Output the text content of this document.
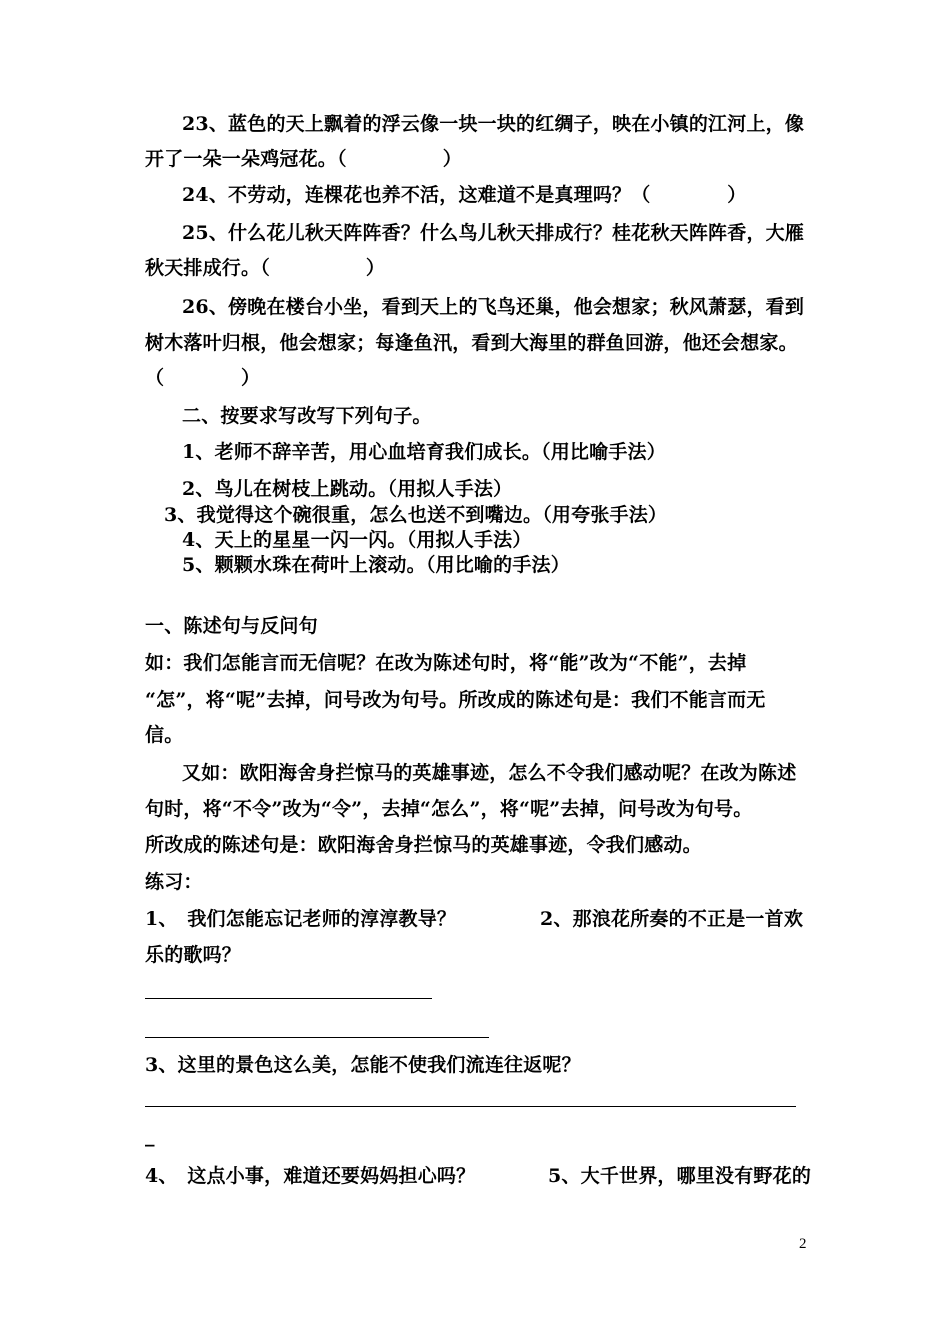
23、蓝色的天上飘着的浮云像一块一块的红绸子，映在小镇的江河上，像
开了一朵一朵鸡冠花。（　　　　　）
24、不劳动，连棵花也养不活，这难道不是真理吗？（　　　　）
25、什么花儿秋天阵阵香？什么鸟儿秋天排成行？桂花秋天阵阵香，大雁
秋天排成行。（　　　　　）
26、傍晚在楼台小坐，看到天上的飞鸟还巢，他会想家；秋风萧瑟，看到
树木落叶归根，他会想家；每逢鱼汛，看到大海里的群鱼回游，他还会想家。
（　　　　）
二、按要求写改写下列句子。
1、老师不辞辛苦，用心血培育我们成长。（用比喻手法）
2、鸟儿在树枝上跳动。（用拟人手法）
3、我觉得这个碗很重，怎么也送不到嘴边。（用夸张手法）
4、天上的星星一闪一闪。（用拟人手法）
5、颗颗水珠在荷叶上滚动。（用比喻的手法）
一、陈述句与反问句
如：我们怎能言而无信呢？在改为陈述句时，将“能”改为“不能”，去掉
“怎”，将“呢”去掉，问号改为句号。所改成的陈述句是：我们不能言而无
信。
又如：欧阳海舍身拦惊马的英雄事迹，怎么不令我们感动呢？在改为陈述
句时，将“不令”改为“令”，去掉“怎么”，将“呢”去掉，问号改为句号。
所改成的陈述句是：欧阳海舍身拦惊马的英雄事迹，令我们感动。
练习：
1、　我们怎能忘记老师的淳淳教导？	2、那浪花所奏的不正是一首欢
乐的歌吗？
3、这里的景色这么美，怎能不使我们流连往返呢？
_
4、　这点小事，难道还要妈妈担心吗？	5、大千世界，哪里没有野花的
2
